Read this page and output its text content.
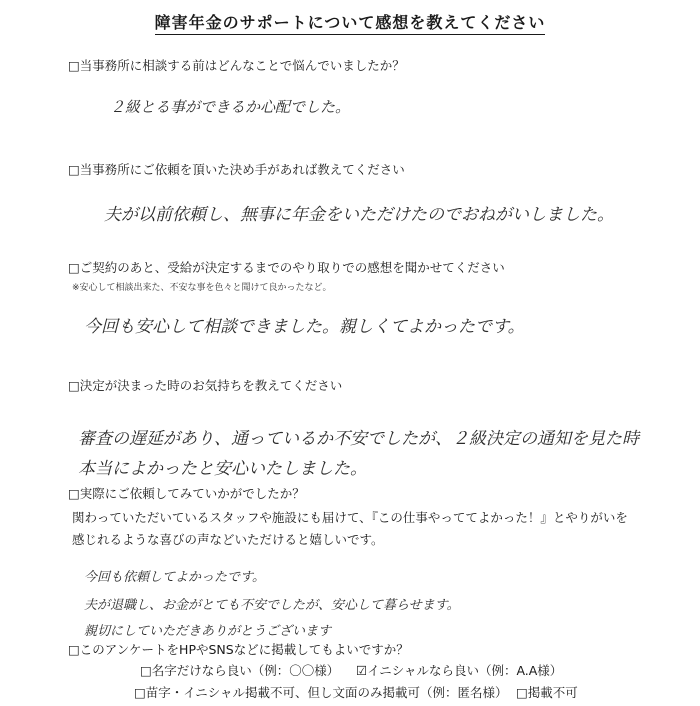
障害年金のサポートについて感想を教えてください
□当事務所に相談する前はどんなことで悩んでいましたか？
２級とる事ができるか心配でした。
□当事務所にご依頼を頂いた決め手があれば教えてください
夫が以前依頼し、無事に年金をいただけたのでおねがいしました。
□ご契約のあと、受給が決定するまでのやり取りでの感想を聞かせてください
※安心して相談出来た、不安な事を色々と聞けて良かったなど。
今回も安心して相談できました。親しくてよかったです。
□決定が決まった時のお気持ちを教えてください
審査の遅延があり、通っているか不安でしたが、２級決定の通知を見た時
本当によかったと安心いたしました。
□実際にご依頼してみていかがでしたか？
関わっていただいているスタッフや施設にも届けて、『この仕事やっててよかった！』とやりがいを
感じれるような喜びの声などいただけると嬉しいです。
今回も依頼してよかったです。
夫が退職し、お金がとても不安でしたが、安心して暮らせます。
親切にしていただきありがとうございます
□このアンケートをHPやSNSなどに掲載してもよいですか？
□名字だけなら良い（例：〇〇様） ☑イニシャルなら良い（例：A.A様）
□苗字・イニシャル掲載不可、但し文面のみ掲載可（例：匿名様） □掲載不可
